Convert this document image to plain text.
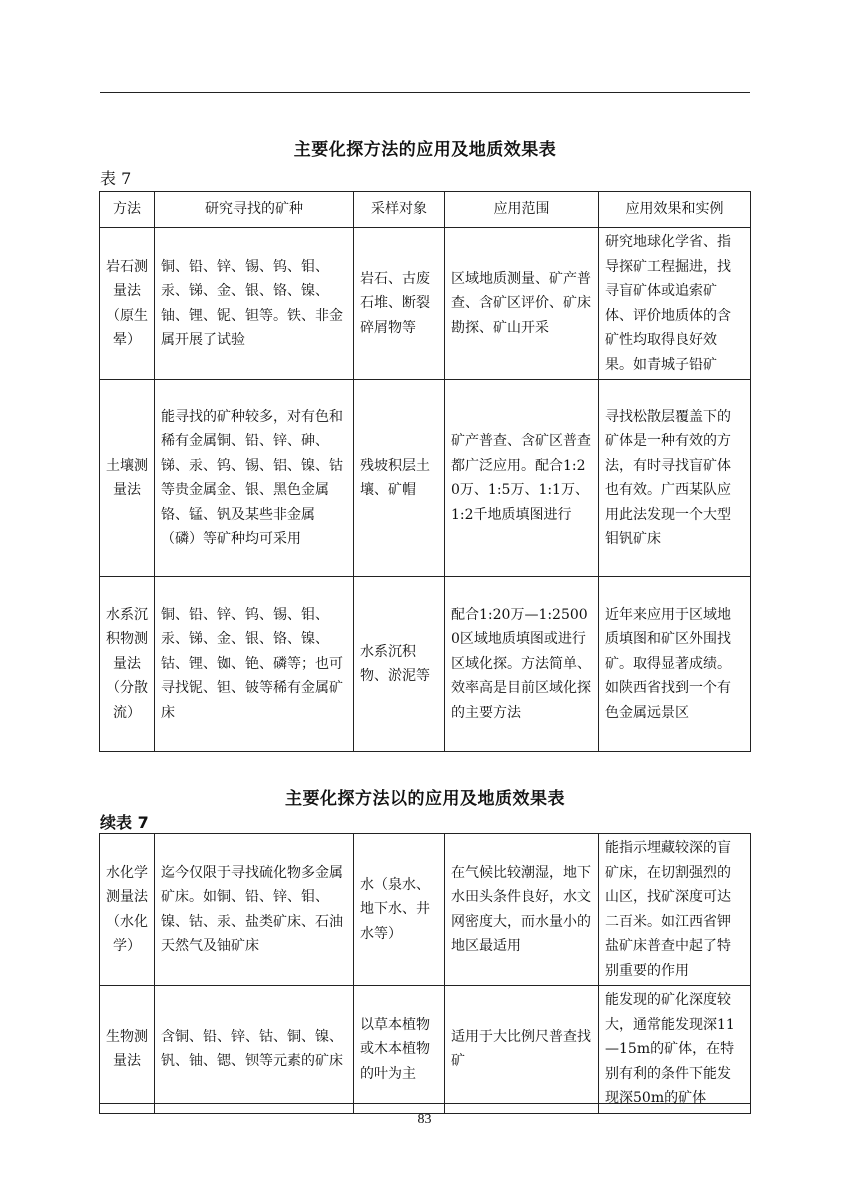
主要化探方法的应用及地质效果表
表 7
方法	研究寻找的矿种	采样对象	应用范围	应用效果和实例
岩石测量法（原生晕）	铜、铅、锌、锡、钨、钼、汞、锑、金、银、铬、镍、铀、锂、铌、钽等。铁、非金属开展了试验	岩石、古废石堆、断裂碎屑物等	区域地质测量、矿产普查、含矿区评价、矿床勘探、矿山开采	研究地球化学省、指导探矿工程掘进，找寻盲矿体或追索矿体、评价地质体的含矿性均取得良好效果。如青城子铅矿
土壤测量法	能寻找的矿种较多，对有色和稀有金属铜、铅、锌、砷、锑、汞、钨、锡、铝、镍、钴等贵金属金、银、黑色金属铬、锰、钒及某些非金属（磷）等矿种均可采用	残坡积层土壤、矿帽	矿产普查、含矿区普查都广泛应用。配合1:20万、1:5万、1:1万、1:2千地质填图进行	寻找松散层覆盖下的矿体是一种有效的方法，有时寻找盲矿体也有效。广西某队应用此法发现一个大型钼钒矿床
水系沉积物测量法（分散流）	铜、铅、锌、钨、锡、钼、汞、锑、金、银、铬、镍、钴、锂、铷、铯、磷等；也可寻找铌、钽、铍等稀有金属矿床	水系沉积物、淤泥等	配合1:20万—1:25000区域地质填图或进行区域化探。方法简单、效率高是目前区域化探的主要方法	近年来应用于区域地质填图和矿区外围找矿。取得显著成绩。如陕西省找到一个有色金属远景区
主要化探方法以的应用及地质效果表
续表 7
水化学测量法（水化学）	迄今仅限于寻找硫化物多金属矿床。如铜、铅、锌、钼、镍、钴、汞、盐类矿床、石油天然气及铀矿床	水（泉水、地下水、井水等）	在气候比较潮湿，地下水田头条件良好，水文网密度大，而水量小的地区最适用	能指示埋藏较深的盲矿床，在切割强烈的山区，找矿深度可达二百米。如江西省钾盐矿床普查中起了特别重要的作用
生物测量法	含铜、铅、锌、钴、铜、镍、钒、铀、锶、钡等元素的矿床	以草本植物或木本植物的叶为主	适用于大比例尺普查找矿	能发现的矿化深度较大，通常能发现深11—15m的矿体，在特别有利的条件下能发现深50m的矿体
83
